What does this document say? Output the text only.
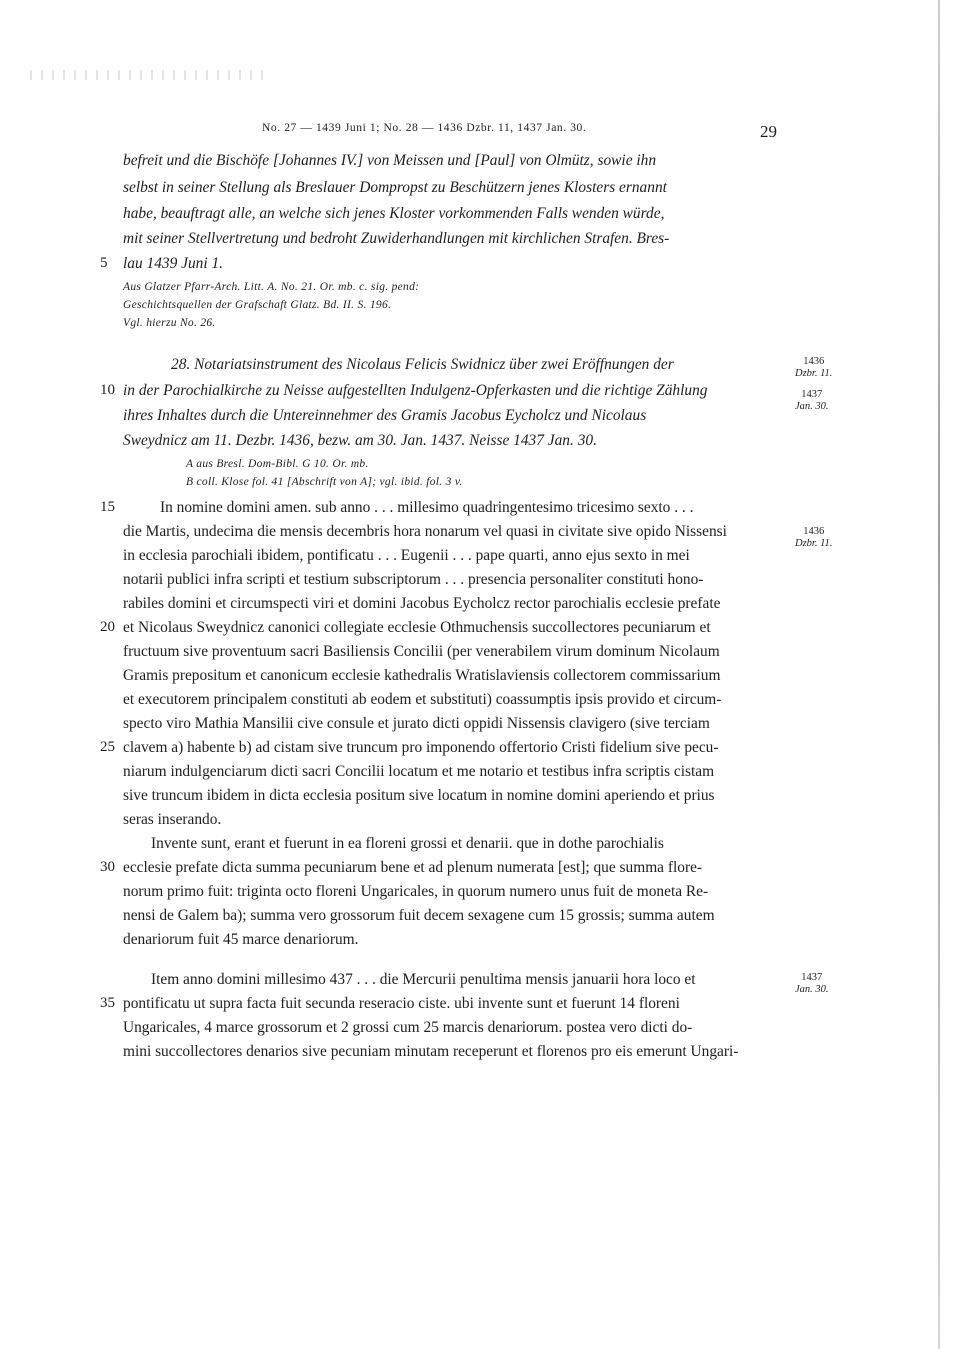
No. 27 — 1439 Juni 1; No. 28 — 1436 Dzbr. 11, 1437 Jan. 30.	29
befreit und die Bischöfe [Johannes IV.] von Meissen und [Paul] von Olmütz, sowie ihn
selbst in seiner Stellung als Breslauer Dompropst zu Beschützern jenes Klosters ernannt
habe, beauftragt alle, an welche sich jenes Kloster vorkommenden Falls wenden würde,
mit seiner Stellvertretung und bedroht Zuwiderhandlungen mit kirchlichen Strafen. Bres-
lau 1439 Juni 1.
Aus Glatzer Pfarr-Arch. Litt. A. No. 21. Or. mb. c. sig. pend:
Geschichtsquellen der Grafschaft Glatz. Bd. II. S. 196.
Vgl. hierzu No. 26.
28. Notariatsinstrument des Nicolaus Felicis Swidnicz über zwei Eröffnungen der
in der Parochialkirche zu Neisse aufgestellten Indulgenz-Opferkasten und die richtige Zählung
ihres Inhaltes durch die Untereinnehmer des Gramis Jacobus Eycholcz und Nicolaus
Sweydnicz am 11. Dezbr. 1436, bezw. am 30. Jan. 1437. Neisse 1437 Jan. 30.
A aus Bresl. Dom-Bibl. G 10. Or. mb.
B coll. Klose fol. 41 [Abschrift von A]; vgl. ibid. fol. 3 v.
In nomine domini amen. sub anno . . . millesimo quadringentesimo tricesimo sexto . . .
die Martis, undecima die mensis decembris hora nonarum vel quasi in civitate sive opido Nissensi
in ecclesia parochiali ibidem, pontificatu . . . Eugenii . . . pape quarti, anno ejus sexto in mei
notarii publici infra scripti et testium subscriptorum . . . presencia personaliter constituti hono-
rabiles domini et circumspecti viri et domini Jacobus Eycholcz rector parochialis ecclesie prefate
et Nicolaus Sweydnicz canonici collegiate ecclesie Othmuchensis succollectores pecuniarum et
fructuum sive proventuum sacri Basiliensis Concilii (per venerabilem virum dominum Nicolaum
Gramis prepositum et canonicum ecclesie kathedralis Wratislaviensis collectorem commissarium
et executorem principalem constituti ab eodem et substituti) coassumptis ipsis provido et circum-
specto viro Mathia Mansilii cive consule et jurato dicti oppidi Nissensis clavigero (sive terciam
clavem a) habente b) ad cistam sive truncum pro imponendo offertorio Cristi fidelium sive pecu-
niarum indulgenciarum dicti sacri Concilii locatum et me notario et testibus infra scriptis cistam
sive truncum ibidem in dicta ecclesia positum sive locatum in nomine domini aperiendo et prius
seras inserando.
Invente sunt, erant et fuerunt in ea floreni grossi et denarii. que in dothe parochialis
ecclesie prefate dicta summa pecuniarum bene et ad plenum numerata [est]; que summa flore-
norum primo fuit: triginta octo floreni Ungaricales, in quorum numero unus fuit de moneta Re-
nensi de Galem ba); summa vero grossorum fuit decem sexagene cum 15 grossis; summa autem
denariorum fuit 45 marce denariorum.
Item anno domini millesimo 437 . . . die Mercurii penultima mensis januarii hora loco et
pontificatu ut supra facta fuit secunda reseracio ciste. ubi invente sunt et fuerunt 14 floreni
Ungaricales, 4 marce grossorum et 2 grossi cum 25 marcis denariorum. postea vero dicti do-
mini succollectores denarios sive pecuniam minutam receperunt et florenos pro eis emerunt Ungari-
5
10
15
20
25
30
35
1436
Dzbr. 11.
1437
Jan. 30.
1436
Dzbr. 11.
1437
Jan. 30.
